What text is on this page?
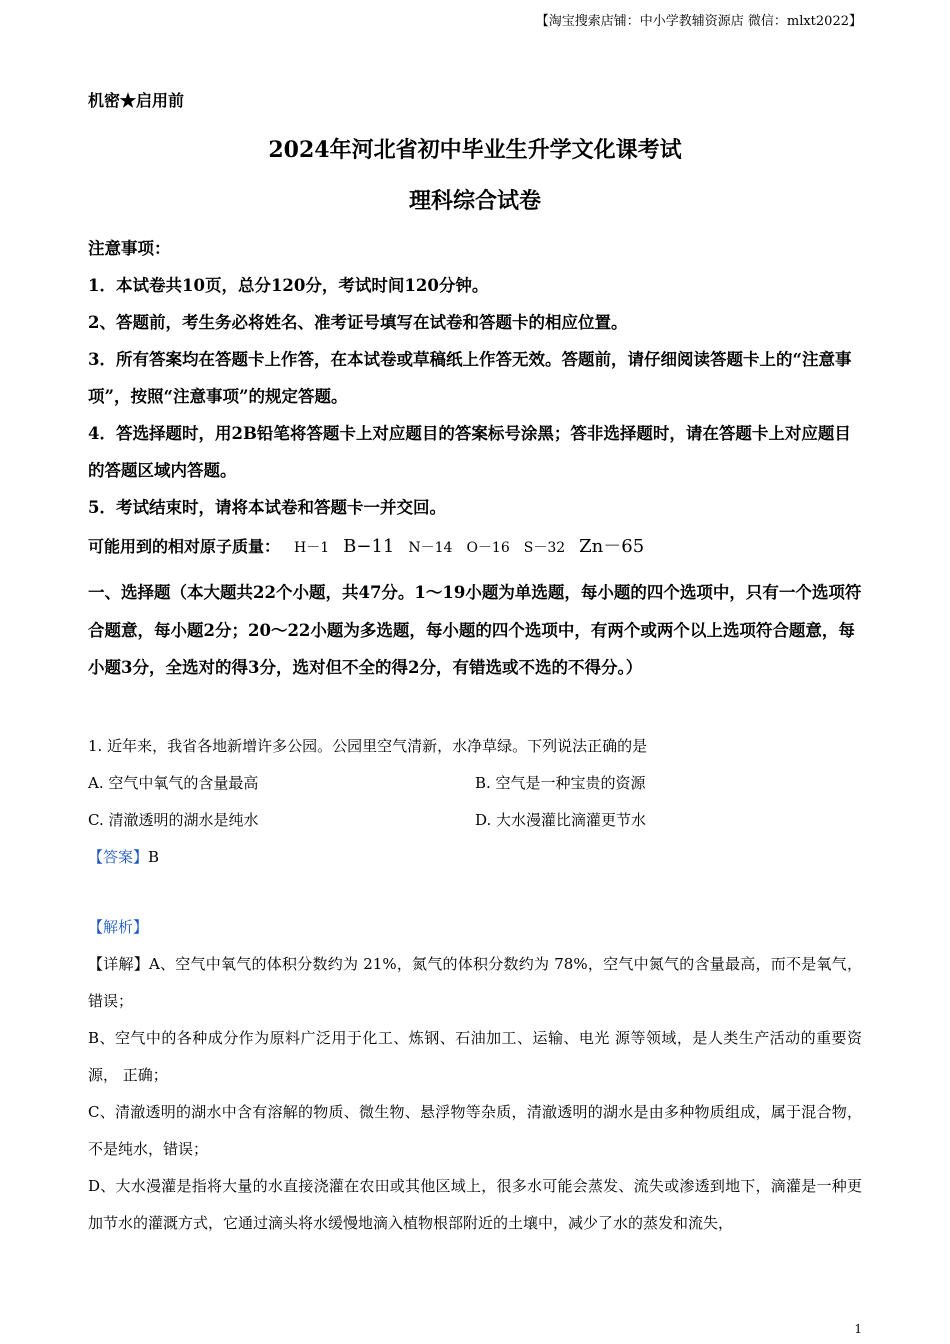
【淘宝搜索店铺：中小学教辅资源店 微信：mlxt2022】
机密★启用前
2024年河北省初中毕业生升学文化课考试
理科综合试卷

注意事项：

1．本试卷共10页，总分120分，考试时间120分钟。

2、答题前，考生务必将姓名、准考证号填写在试卷和答题卡的相应位置。

3．所有答案均在答题卡上作答，在本试卷或草稿纸上作答无效。答题前，请仔细阅读答题卡上的“注意事项”，按照“注意事项”的规定答题。

4．答选择题时，用2B铅笔将答题卡上对应题目的答案标号涂黑；答非选择题时，请在答题卡上对应题目的答题区域内答题。

5．考试结束时，请将本试卷和答题卡一并交回。

可能用到的相对原子质量： H－1 B−11 N－14 O－16 S－32 Zn－65
一、选择题（本大题共22个小题，共47分。1～19小题为单选题，每小题的四个选项中，只有一个选项符合题意，每小题2分；20～22小题为多选题，每小题的四个选项中，有两个或两个以上选项符合题意，每小题3分，全选对的得3分，选对但不全的得2分，有错选或不选的不得分。）

1. 近年来，我省各地新增许多公园。公园里空气清新，水净草绿。下列说法正确的是

A. 空气中氧气的含量最高	B. 空气是一种宝贵的资源
C. 清澈透明的湖水是纯水	D. 大水漫灌比滴灌更节水

【答案】B

【解析】

【详解】A、空气中氧气的体积分数约为 21%，氮气的体积分数约为 78%，空气中氮气的含量最高，而不是氧气，错误；

B、空气中的各种成分作为原料广泛用于化工、炼钢、石油加工、运输、电光 源等领域，是人类生产活动的重要资源， 正确；

C、清澈透明的湖水中含有溶解的物质、微生物、悬浮物等杂质，清澈透明的湖水是由多种物质组成，属于混合物，不是纯水，错误；

D、大水漫灌是指将大量的水直接浇灌在农田或其他区域上，很多水可能会蒸发、流失或渗透到地下，滴灌是一种更加节水的灌溉方式，它通过滴头将水缓慢地滴入植物根部附近的土壤中，减少了水的蒸发和流失，

1
